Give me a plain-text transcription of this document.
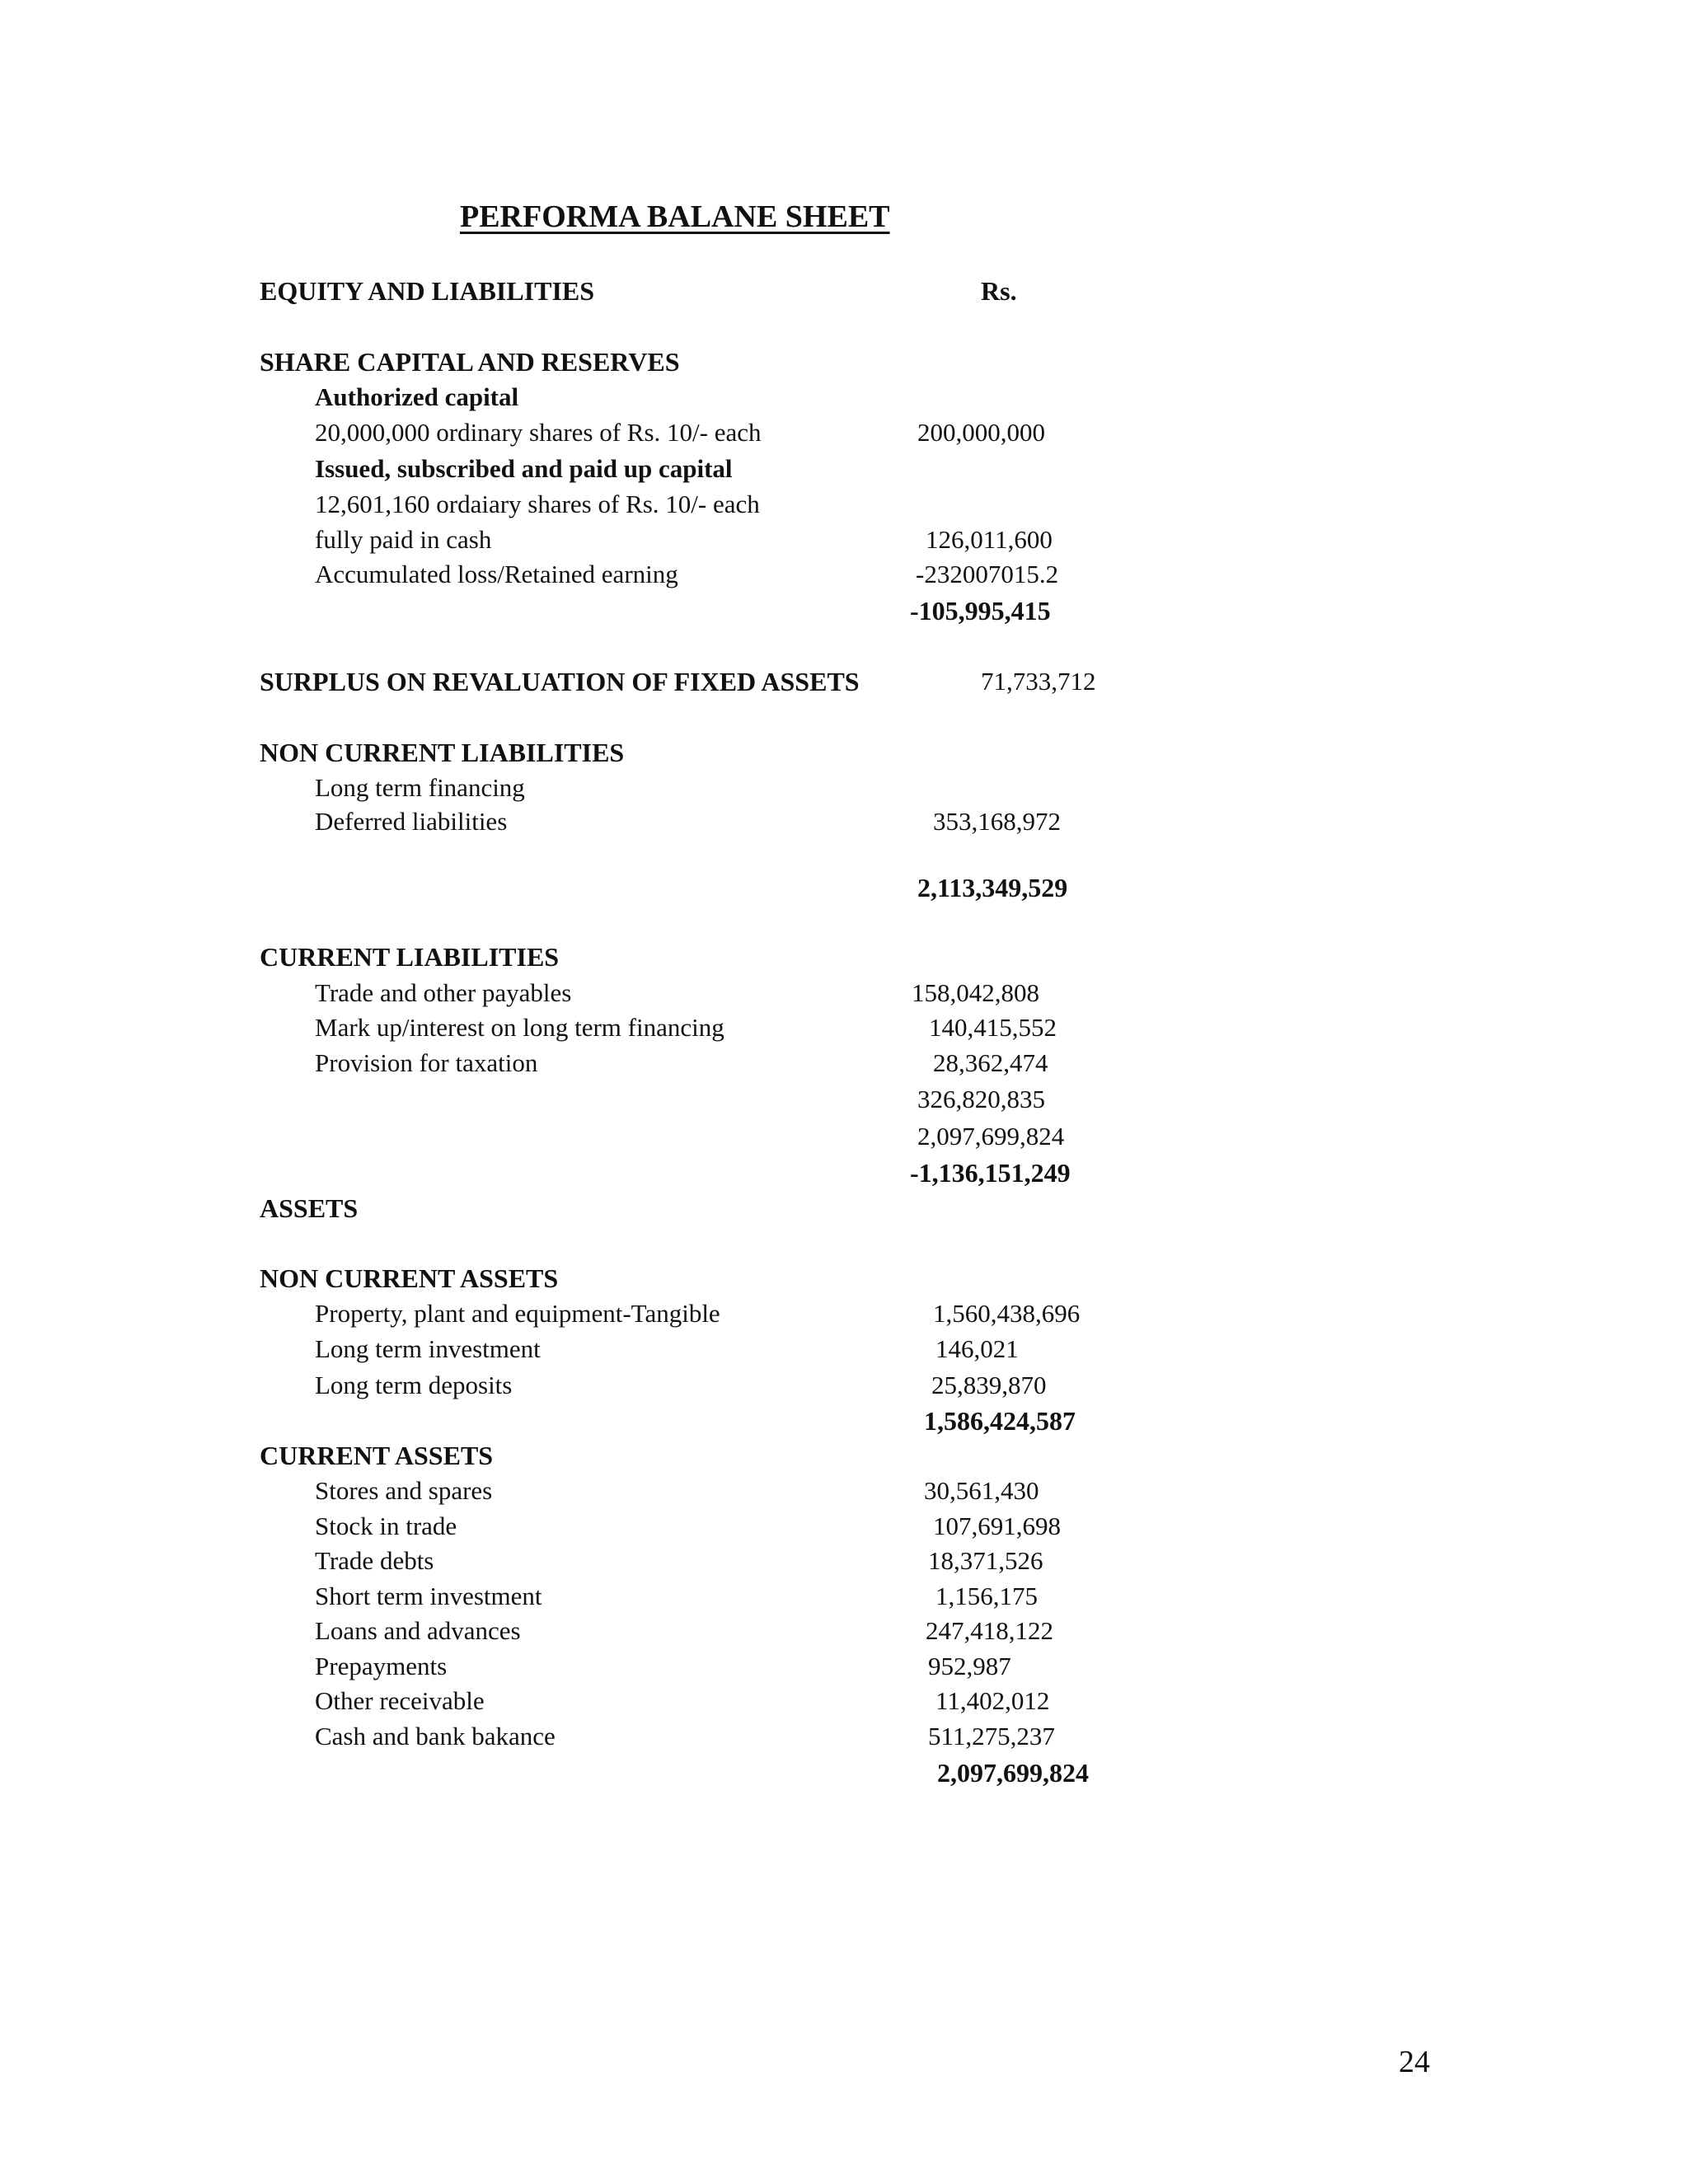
PERFORMA BALANE SHEET
EQUITY AND LIABILITIES	Rs.
SHARE CAPITAL AND RESERVES
Authorized capital
20,000,000 ordinary shares of Rs. 10/- each	200,000,000
Issued, subscribed and paid up capital
12,601,160 ordaiary shares of Rs. 10/- each
fully paid in cash	126,011,600
Accumulated loss/Retained earning	-232007015.2
-105,995,415
SURPLUS ON REVALUATION OF FIXED ASSETS	71,733,712
NON CURRENT LIABILITIES
Long term financing
Deferred liabilities	353,168,972
2,113,349,529
CURRENT LIABILITIES
Trade and other payables	158,042,808
Mark up/interest on long term financing	140,415,552
Provision for taxation	28,362,474
326,820,835
2,097,699,824
-1,136,151,249
ASSETS
NON CURRENT ASSETS
Property, plant and equipment-Tangible	1,560,438,696
Long term investment	146,021
Long term deposits	25,839,870
1,586,424,587
CURRENT ASSETS
Stores and spares	30,561,430
Stock in trade	107,691,698
Trade debts	18,371,526
Short term investment	1,156,175
Loans and advances	247,418,122
Prepayments	952,987
Other receivable	11,402,012
Cash and bank bakance	511,275,237
2,097,699,824
24
